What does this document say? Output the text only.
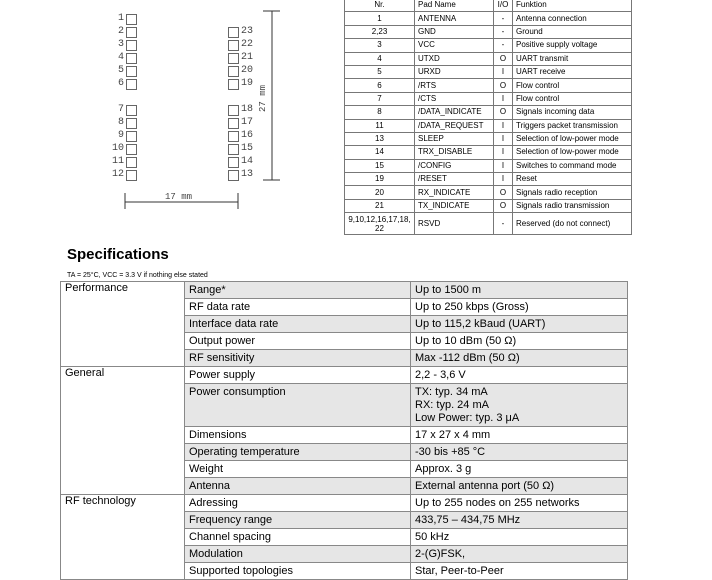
1
2
3
4
5
6
7
8
9
10
11
12
23
22
21
20
19
18
17
16
15
14
13
17 mm
27 mm
Nr.	Pad Name	I/O	Funktion
1	ANTENNA	-	Antenna connection
2,23	GND	-	Ground
3	VCC	-	Positive supply voltage
4	UTXD	O	UART transmit
5	URXD	I	UART receive
6	/RTS	O	Flow control
7	/CTS	I	Flow control
8	/DATA_INDICATE	O	Signals incoming data
11	/DATA_REQUEST	I	Triggers packet transmission
13	SLEEP	I	Selection of low-power mode
14	TRX_DISABLE	I	Selection of low-power mode
15	/CONFIG	I	Switches to command mode
19	/RESET	I	Reset
20	RX_INDICATE	O	Signals radio reception
21	TX_INDICATE	O	Signals radio transmission

9,10,12,16,17,18,
22	RSVD	-	Reserved (do not connect)
Specifications
TA = 25°C, VCC = 3.3 V if nothing else stated
Performance	Range*	Up to 1500 m
	RF data rate	Up to 250 kbps (Gross)
	Interface data rate	Up to 115,2 kBaud (UART)
	Output power	Up to 10 dBm (50 Ω)
	RF sensitivity	Max -112 dBm (50 Ω)
General	Power supply	2,2 - 3,6 V
	Power consumption	TX: typ. 34 mA
RX: typ. 24 mA
Low Power: typ. 3 μA

	Dimensions	17 x 27 x 4 mm
	Operating temperature	-30 bis +85 °C
	Weight	Approx. 3 g
	Antenna	External antenna port (50 Ω)
RF technology	Adressing	Up to 255 nodes on 255 networks
	Frequency range	433,75 – 434,75 MHz
	Channel spacing	50 kHz
	Modulation	2-(G)FSK,
	Supported topologies	Star, Peer-to-Peer
